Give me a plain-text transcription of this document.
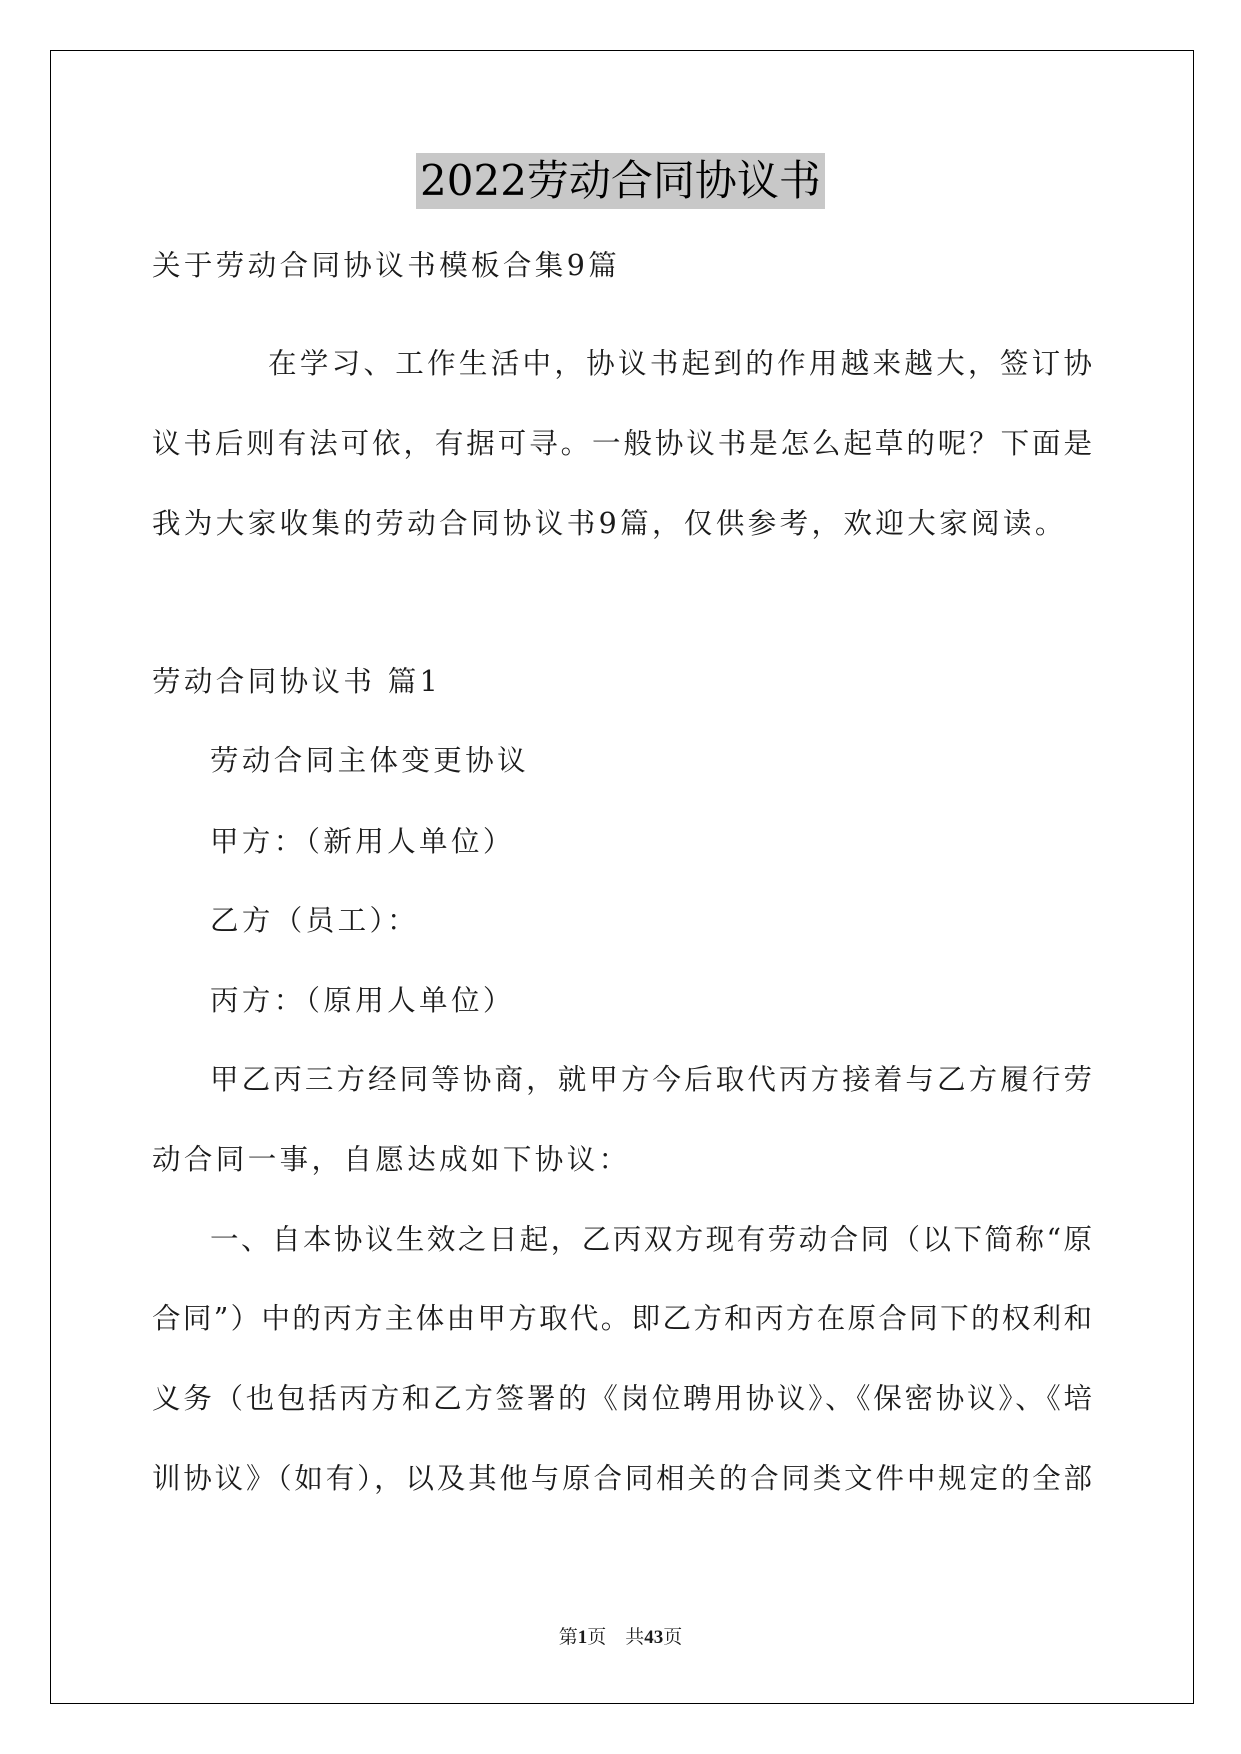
2022劳动合同协议书
关于劳动合同协议书模板合集9篇
在学习、工作生活中，协议书起到的作用越来越大，签订协
议书后则有法可依，有据可寻。一般协议书是怎么起草的呢？下面是
我为大家收集的劳动合同协议书9篇，仅供参考，欢迎大家阅读。
劳动合同协议书 篇1
劳动合同主体变更协议
甲方：（新用人单位）
乙方（员工）：
丙方：（原用人单位）
甲乙丙三方经同等协商，就甲方今后取代丙方接着与乙方履行劳
动合同一事，自愿达成如下协议：
一、自本协议生效之日起，乙丙双方现有劳动合同（以下简称“原
合同”）中的丙方主体由甲方取代。即乙方和丙方在原合同下的权利和
义务（也包括丙方和乙方签署的《岗位聘用协议》、《保密协议》、《培
训协议》（如有），以及其他与原合同相关的合同类文件中规定的全部
第1页 共43页
